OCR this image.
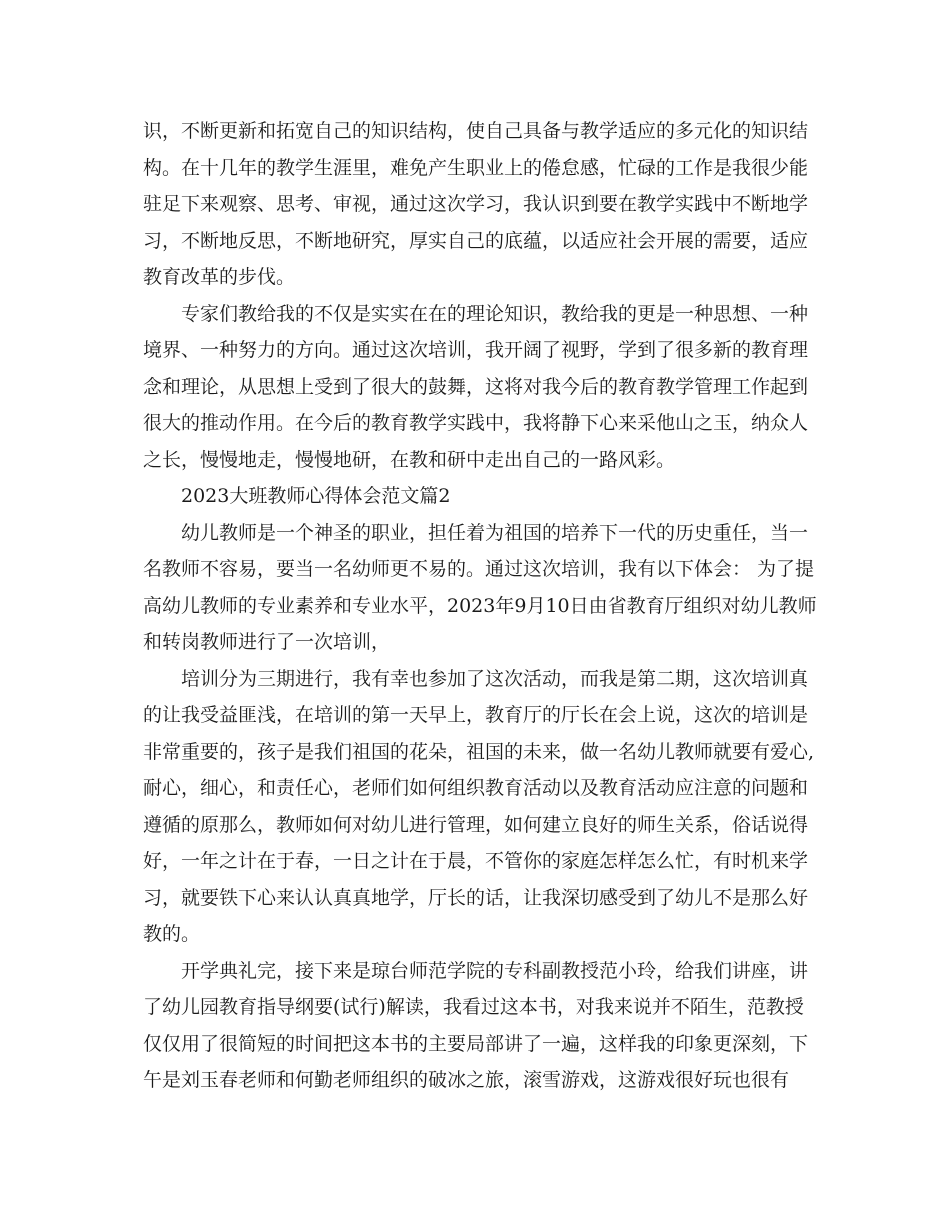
识，不断更新和拓宽自己的知识结构，使自己具备与教学适应的多元化的知识结
构。在十几年的教学生涯里，难免产生职业上的倦怠感，忙碌的工作是我很少能
驻足下来观察、思考、审视，通过这次学习，我认识到要在教学实践中不断地学
习，不断地反思，不断地研究，厚实自己的底蕴，以适应社会开展的需要，适应
教育改革的步伐。
专家们教给我的不仅是实实在在的理论知识，教给我的更是一种思想、一种
境界、一种努力的方向。通过这次培训，我开阔了视野，学到了很多新的教育理
念和理论，从思想上受到了很大的鼓舞，这将对我今后的教育教学管理工作起到
很大的推动作用。在今后的教育教学实践中，我将静下心来采他山之玉，纳众人
之长，慢慢地走，慢慢地研，在教和研中走出自己的一路风彩。
2023大班教师心得体会范文篇2
幼儿教师是一个神圣的职业，担任着为祖国的培养下一代的历史重任，当一
名教师不容易，要当一名幼师更不易的。通过这次培训，我有以下体会： 为了提
高幼儿教师的专业素养和专业水平，2023年9月10日由省教育厅组织对幼儿教师
和转岗教师进行了一次培训，
培训分为三期进行，我有幸也参加了这次活动，而我是第二期，这次培训真
的让我受益匪浅，在培训的第一天早上，教育厅的厅长在会上说，这次的培训是
非常重要的，孩子是我们祖国的花朵，祖国的未来，做一名幼儿教师就要有爱心,
耐心，细心，和责任心，老师们如何组织教育活动以及教育活动应注意的问题和
遵循的原那么，教师如何对幼儿进行管理，如何建立良好的师生关系，俗话说得
好，一年之计在于春，一日之计在于晨，不管你的家庭怎样怎么忙，有时机来学
习，就要铁下心来认认真真地学，厅长的话，让我深切感受到了幼儿不是那么好
教的。
开学典礼完，接下来是琼台师范学院的专科副教授范小玲，给我们讲座，讲
了幼儿园教育指导纲要(试行)解读，我看过这本书，对我来说并不陌生，范教授
仅仅用了很简短的时间把这本书的主要局部讲了一遍，这样我的印象更深刻，下
午是刘玉春老师和何勤老师组织的破冰之旅，滚雪游戏，这游戏很好玩也很有
